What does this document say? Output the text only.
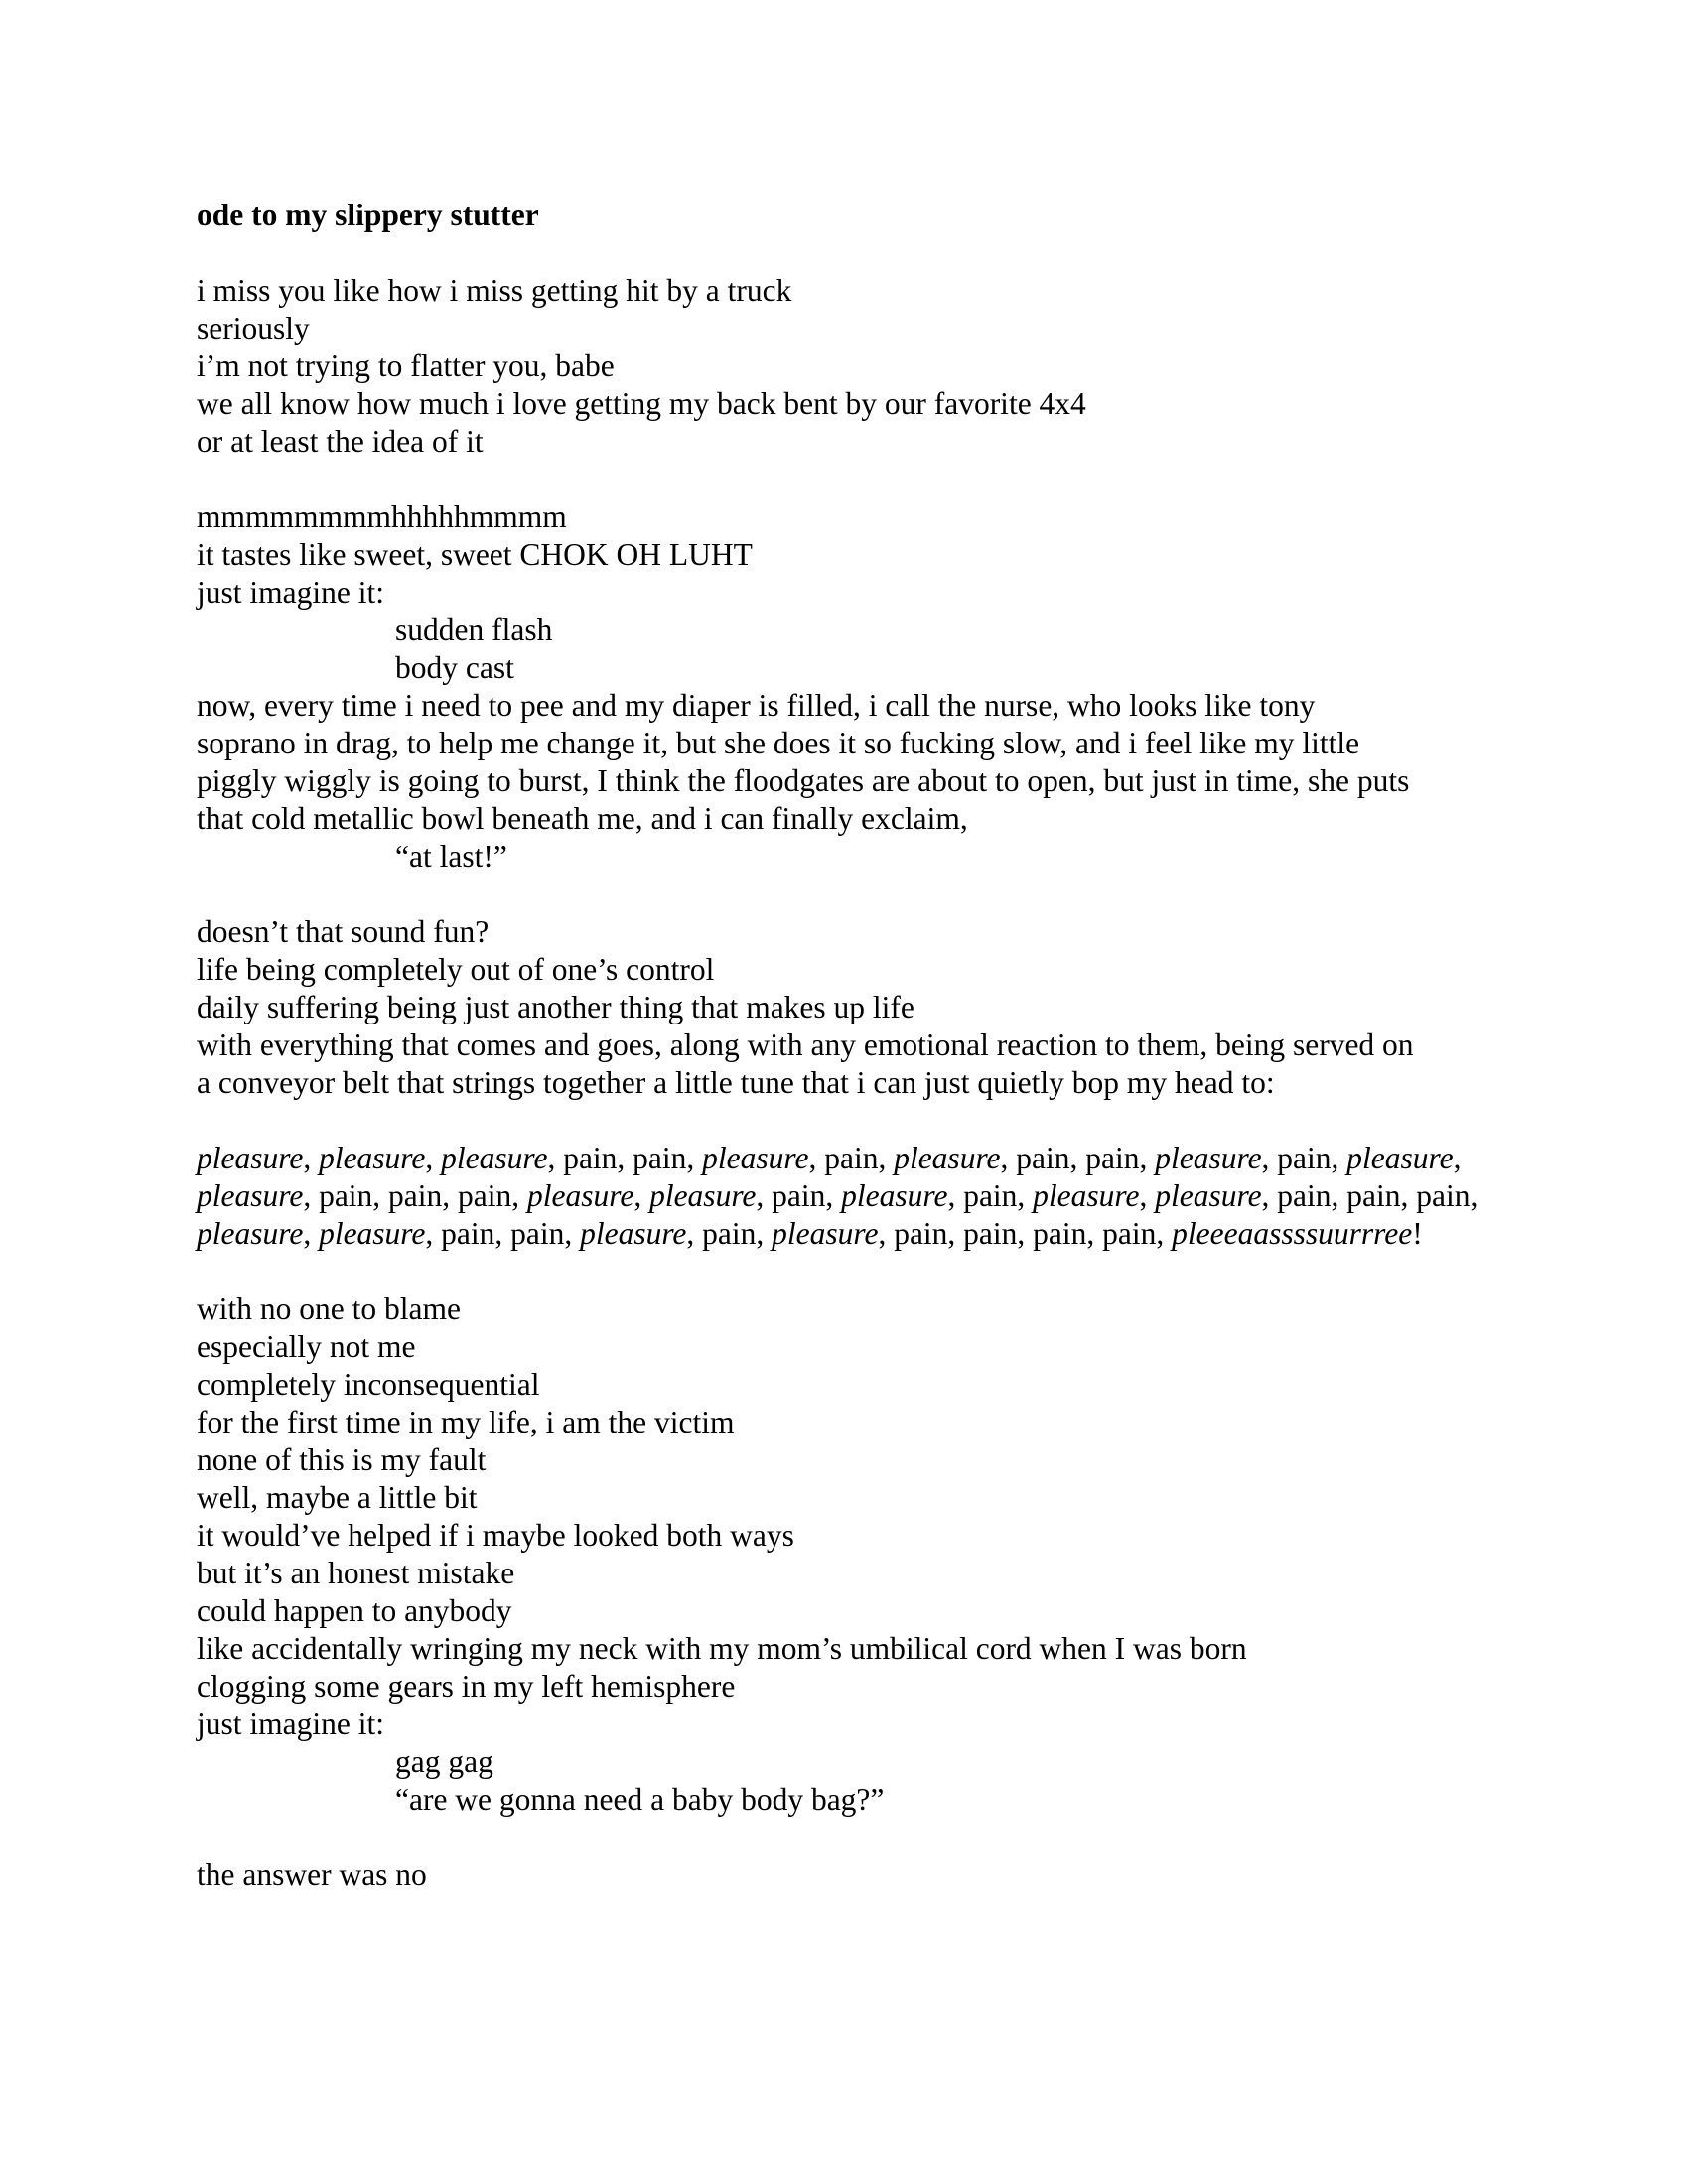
ode to my slippery stutter
i miss you like how i miss getting hit by a truck
seriously
i’m not trying to flatter you, babe
we all know how much i love getting my back bent by our favorite 4x4
or at least the idea of it
mmmmmmmmhhhhhmmmm
it tastes like sweet, sweet CHOK OH LUHT
just imagine it:
sudden flash
body cast
now, every time i need to pee and my diaper is filled, i call the nurse, who looks like tony
soprano in drag, to help me change it, but she does it so fucking slow, and i feel like my little
piggly wiggly is going to burst, I think the floodgates are about to open, but just in time, she puts
that cold metallic bowl beneath me, and i can finally exclaim,
“at last!”
doesn’t that sound fun?
life being completely out of one’s control
daily suffering being just another thing that makes up life
with everything that comes and goes, along with any emotional reaction to them, being served on
a conveyor belt that strings together a little tune that i can just quietly bop my head to:
pleasure, pleasure, pleasure, pain, pain, pleasure, pain, pleasure, pain, pain, pleasure, pain, pleasure, pleasure, pain, pain, pain, pleasure, pleasure, pain, pleasure, pain, pleasure, pleasure, pain, pain, pain, pleasure, pleasure, pain, pain, pleasure, pain, pleasure, pain, pain, pain, pain, pleeeaassssuurrree!
with no one to blame
especially not me
completely inconsequential
for the first time in my life, i am the victim
none of this is my fault
well, maybe a little bit
it would’ve helped if i maybe looked both ways
but it’s an honest mistake
could happen to anybody
like accidentally wringing my neck with my mom’s umbilical cord when I was born
clogging some gears in my left hemisphere
just imagine it:
gag gag
“are we gonna need a baby body bag?”
the answer was no
